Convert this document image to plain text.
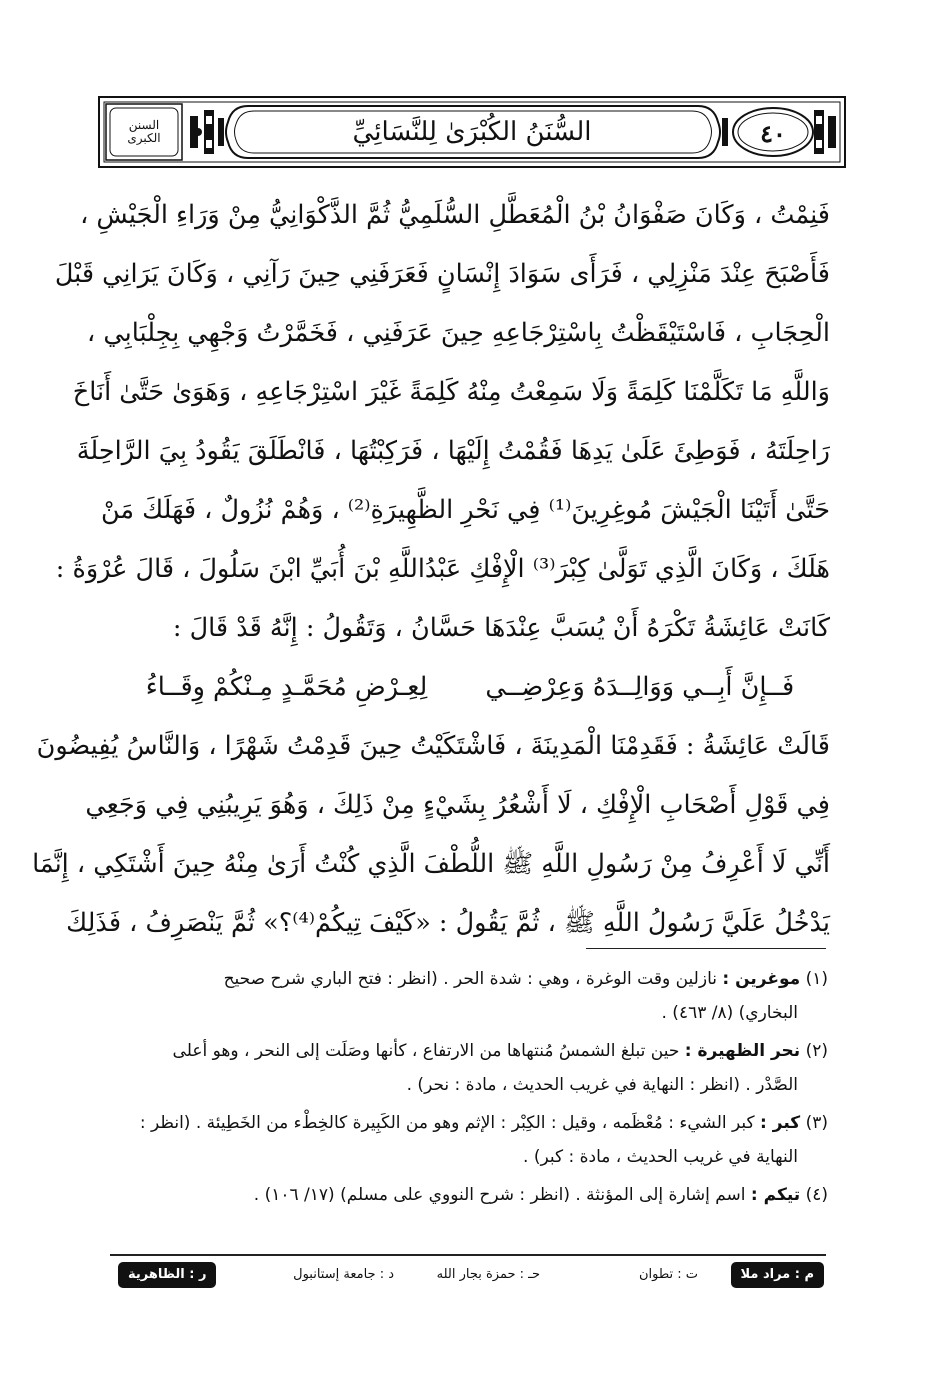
السنن الكبرى	السُّنَنُ الكُبْرَىٰ لِلنَّسَائِيِّ	٤٠
فَنِمْتُ ، وَكَانَ صَفْوَانُ بْنُ الْمُعَطَّلِ السُّلَمِيُّ ثُمَّ الذَّكْوَانِيُّ مِنْ وَرَاءِ الْجَيْشِ ،
فَأَصْبَحَ عِنْدَ مَنْزِلِي ، فَرَأَى سَوَادَ إِنْسَانٍ فَعَرَفَنِي حِينَ رَآنِي ، وَكَانَ يَرَانِي قَبْلَ
الْحِجَابِ ، فَاسْتَيْقَظْتُ بِاسْتِرْجَاعِهِ حِينَ عَرَفَنِي ، فَخَمَّرْتُ وَجْهِي بِجِلْبَابِي ،
وَاللَّهِ مَا تَكَلَّمْنَا كَلِمَةً وَلَا سَمِعْتُ مِنْهُ كَلِمَةً غَيْرَ اسْتِرْجَاعِهِ ، وَهَوَىٰ حَتَّىٰ أَنَاخَ
رَاحِلَتَهُ ، فَوَطِئَ عَلَىٰ يَدِهَا فَقُمْتُ إِلَيْهَا ، فَرَكِبْتُهَا ، فَانْطَلَقَ يَقُودُ بِيَ الرَّاحِلَةَ
حَتَّىٰ أَتَيْنَا الْجَيْشَ مُوغِرِينَ⁽¹⁾ فِي نَحْرِ الظَّهِيرَةِ⁽²⁾ ، وَهُمْ نُزُولٌ ، فَهَلَكَ مَنْ
هَلَكَ ، وَكَانَ الَّذِي تَوَلَّىٰ كِبْرَ⁽³⁾ الْإِفْكِ عَبْدُاللَّهِ بْنَ أُبَيِّ ابْنَ سَلُولَ ، قَالَ عُرْوَةُ :
كَانَتْ عَائِشَةُ تَكْرَهُ أَنْ يُسَبَّ عِنْدَهَا حَسَّانُ ، وَتَقُولُ : إِنَّهُ قَدْ قَالَ :
فَــإِنَّ أَبِــي وَوَالِــدَهُ وَعِرْضِــي
لِعِـرْضِ مُحَمَّـدٍ مِـنْكُمْ وِقَــاءُ
قَالَتْ عَائِشَةُ : فَقَدِمْنَا الْمَدِينَةَ ، فَاشْتَكَيْتُ حِينَ قَدِمْتُ شَهْرًا ، وَالنَّاسُ يُفِيضُونَ
فِي قَوْلِ أَصْحَابِ الْإِفْكِ ، لَا أَشْعُرُ بِشَيْءٍ مِنْ ذَلِكَ ، وَهُوَ يَرِيبُنِي فِي وَجَعِي
أَنِّي لَا أَعْرِفُ مِنْ رَسُولِ اللَّهِ ﷺ اللُّطْفَ الَّذِي كُنْتُ أَرَىٰ مِنْهُ حِينَ أَشْتَكِي ، إِنَّمَا
يَدْخُلُ عَلَيَّ رَسُولُ اللَّهِ ﷺ ، ثُمَّ يَقُولُ : «كَيْفَ تِيكُمْ⁽⁴⁾؟» ثُمَّ يَنْصَرِفُ ، فَذَلِكَ
(١) موغرين : نازلين وقت الوغرة ، وهي : شدة الحر . (انظر : فتح الباري شرح صحيح
البخاري) (٨/ ٤٦٣) .
(٢) نحر الظهيرة : حين تبلغ الشمسُ مُنتهاها من الارتفاع ، كأنها وصَلَت إلى النحر ، وهو أعلى
الصَّدْر . (انظر : النهاية في غريب الحديث ، مادة : نحر) .
(٣) كبر : كبر الشيء : مُعْظَمه ، وقيل : الكِبْر : الإثم وهو من الكَبِيرة كالخِطْء من الخَطِيئة . (انظر :
النهاية في غريب الحديث ، مادة : كبر) .
(٤) تيكم : اسم إشارة إلى المؤنثة . (انظر : شرح النووي على مسلم) (١٧/ ١٠٦) .
م : مراد ملا
ت : تطوان
حـ : حمزة بجار الله
د : جامعة إستانبول
ر : الظاهرية
